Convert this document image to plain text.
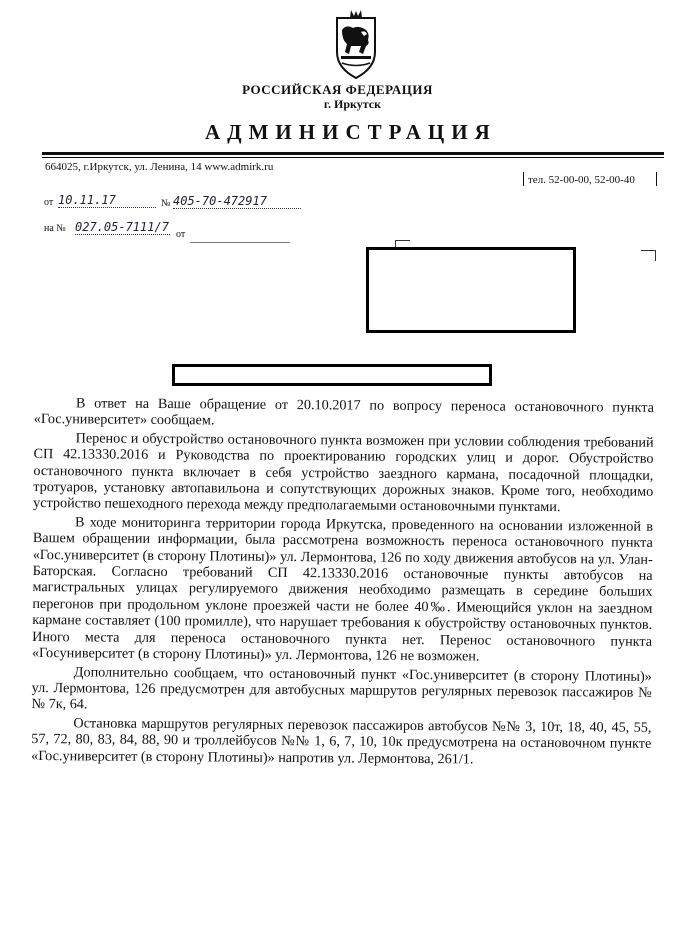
РОССИЙСКАЯ ФЕДЕРАЦИЯ
г. Иркутск
АДМИНИСТРАЦИЯ
664025, г.Иркутск, ул. Ленина, 14 www.admirk.ru
тел. 52-00-00, 52-00-40
от 10.11.17	№ 405-70-472917
на № 027.05-7111/7
от

В ответ на Ваше обращение от 20.10.2017 по вопросу переноса остановочного пункта «Гос.университет» сообщаем.

Перенос и обустройство остановочного пункта возможен при условии соблюдения требований СП 42.13330.2016 и Руководства по проектированию городских улиц и дорог. Обустройство остановочного пункта включает в себя устройство заездного кармана, посадочной площадки, тротуаров, установку автопавильона и сопутствующих дорожных знаков. Кроме того, необходимо устройство пешеходного перехода между предполагаемыми остановочными пунктами.

В ходе мониторинга территории города Иркутска, проведенного на основании изложенной в Вашем обращении информации, была рассмотрена возможность переноса остановочного пункта «Гос.университет (в сторону Плотины)» ул. Лермонтова, 126 по ходу движения автобусов на ул. Улан-Баторская. Согласно требований СП 42.13330.2016 остановочные пункты автобусов на магистральных улицах регулируемого движения необходимо размещать в середине больших перегонов при продольном уклоне проезжей части не более 40‰. Имеющийся уклон на заездном кармане составляет (100 промилле), что нарушает требования к обустройству остановочных пунктов. Иного места для переноса остановочного пункта нет. Перенос остановочного пункта «Госуниверситет (в сторону Плотины)» ул. Лермонтова, 126 не возможен.

Дополнительно сообщаем, что остановочный пункт «Гос.университет (в сторону Плотины)» ул. Лермонтова, 126 предусмотрен для автобусных маршрутов регулярных перевозок пассажиров №№ 7к, 64.

Остановка маршрутов регулярных перевозок пассажиров автобусов №№ 3, 10т, 18, 40, 45, 55, 57, 72, 80, 83, 84, 88, 90 и троллейбусов №№ 1, 6, 7, 10, 10к предусмотрена на остановочном пункте «Гос.университет (в сторону Плотины)» напротив ул. Лермонтова, 261/1.
